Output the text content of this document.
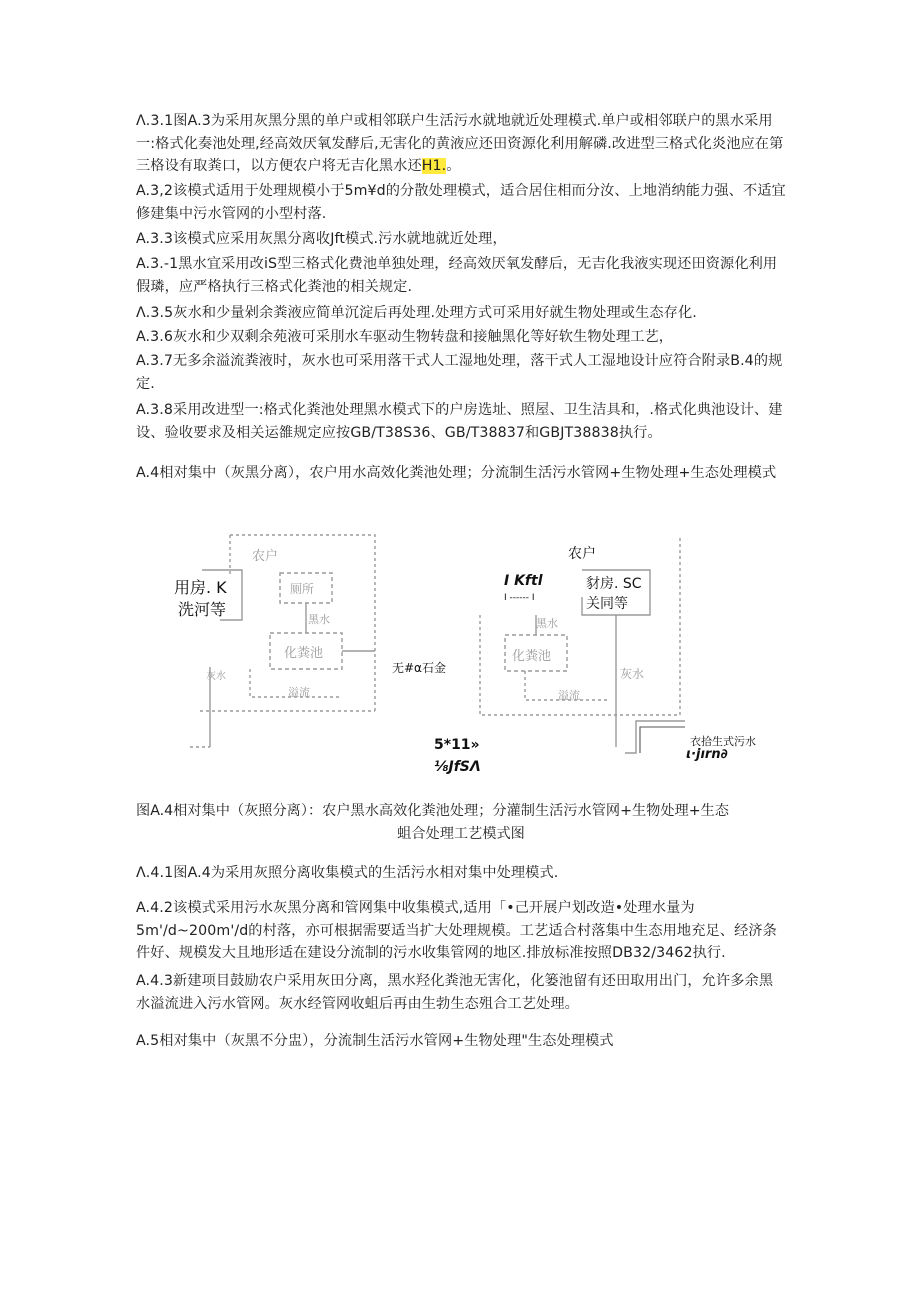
Λ.3.1图A.3为采用灰黑分黑的单户或相邻联户生活污水就地就近处理模式.单户或相邻联户的黑水采用一:格式化奏池处理,经高效厌氧发酵后,无害化的黄液应还田资源化利用解磷.改进型三格式化炎池应在第三格设有取粪口，以方便农户将无吉化黑水还H1.。
A.3,2该模式适用于处理规模小于5m¥d的分散处理模式，适合居住相而分汝、上地消纳能力强、不适宜修建集中污水管网的小型村落.
A.3.3该模式应采用灰黑分离收Jft模式.污水就地就近处理，
A.3.-1黑水宜采用改iS型三格式化费池单独处理，经高效厌氧发酵后，无吉化我液实现还田资源化利用假璘，应严格执行三格式化粪池的相关规定.
Λ.3.5灰水和少量剁余粪液应简单沉淀后再处理.处理方式可采用好就生物处理或生态存化.
A.3.6灰水和少双剩余苑液可采刖水车驱动生物转盘和接触黑化等好软生物处理工艺，
A.3.7无多余溢流粪液时，灰水也可采用落干式人工湿地处理，落干式人工湿地设计应符合附录B.4的规定.
A.3.8采用改进型一:格式化粪池处理黑水模式下的户房选址、照屋、卫生洁具和，.格式化典池设计、建设、验收要求及相关运雒规定应按GB/T38S36、GB/T38837和GBJT38838执行。
A.4相对集中（灰黑分离），农户用水高效化粪池处理；分流制生活污水管网+生物处理+生态处理模式
农户
用房. K
洗河等
厕所
黑水
化粪池
灰水
溢流
无#α石金
农户
I Kftl
I ------ I
豺房. SC
关同等
黑水
化粪池
灰水
溢流
衣拾生式污水
ι·jırn∂
5*11»
⅛JfSΛ
图A.4相对集中（灰照分离）：农户黑水高效化粪池处理；分灌制生活污水管网+生物处理+生态
蛆合处理工艺模式图
Λ.4.1图A.4为采用灰照分离收集模式的生活污水相对集中处理模式.
A.4.2该模式采用污水灰黑分离和管网集中收集模式,适用「•己开展户划改造•处理水量为5m'/d~200m'/d的村落，亦可根据需要适当扩大处理规模。工艺适合村落集中生态用地充足、经济条件好、规模发大且地形适在建设分流制的污水收集管网的地区.排放标准按照DB32/3462执行.
A.4.3新建项目鼓励农户采用灰田分离，黑水羟化粪池无害化，化篓池留有还田取用出门，允许多余黑水溢流进入污水管网。灰水经管网收蛆后再由生勃生态殂合工艺处理。
A.5相对集中（灰黑不分盅），分流制生活污水管网+生物处理"生态处理模式
